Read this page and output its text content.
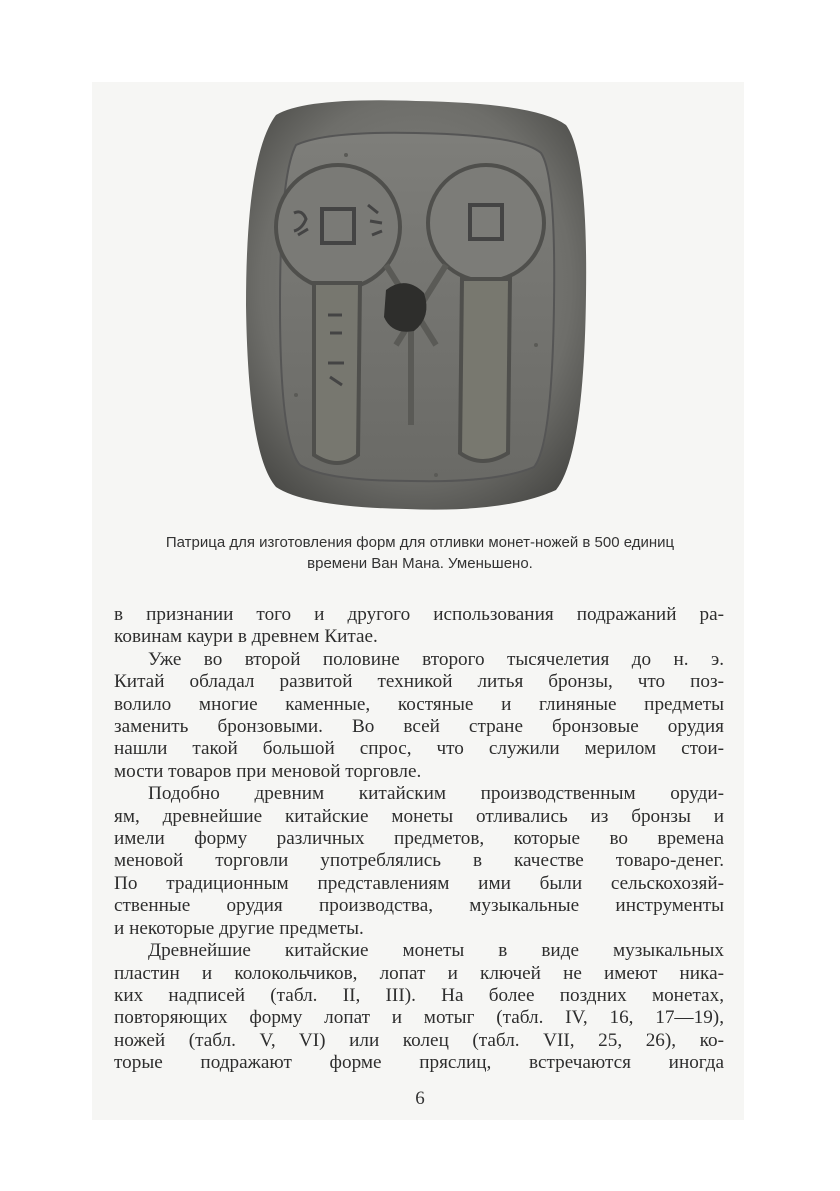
Патрица для изготовления форм для отливки монет-ножей в 500 единиц
времени Ван Мана. Уменьшено.
в признании того и другого использования подражаний ра-
ковинам каури в древнем Китае.
Уже во второй половине второго тысячелетия до н. э.
Китай обладал развитой техникой литья бронзы, что поз-
волило многие каменные, костяные и глиняные предметы
заменить бронзовыми. Во всей стране бронзовые орудия
нашли такой большой спрос, что служили мерилом стои-
мости товаров при меновой торговле.
Подобно древним китайским производственным оруди-
ям, древнейшие китайские монеты отливались из бронзы и
имели форму различных предметов, которые во времена
меновой торговли употреблялись в качестве товаро-денег.
По традиционным представлениям ими были сельскохозяй-
ственные орудия производства, музыкальные инструменты
и некоторые другие предметы.
Древнейшие китайские монеты в виде музыкальных
пластин и колокольчиков, лопат и ключей не имеют ника-
ких надписей (табл. II, III). На более поздних монетах,
повторяющих форму лопат и мотыг (табл. IV, 16, 17—19),
ножей (табл. V, VI) или колец (табл. VII, 25, 26), ко-
торые подражают форме пряслиц, встречаются иногда
6
